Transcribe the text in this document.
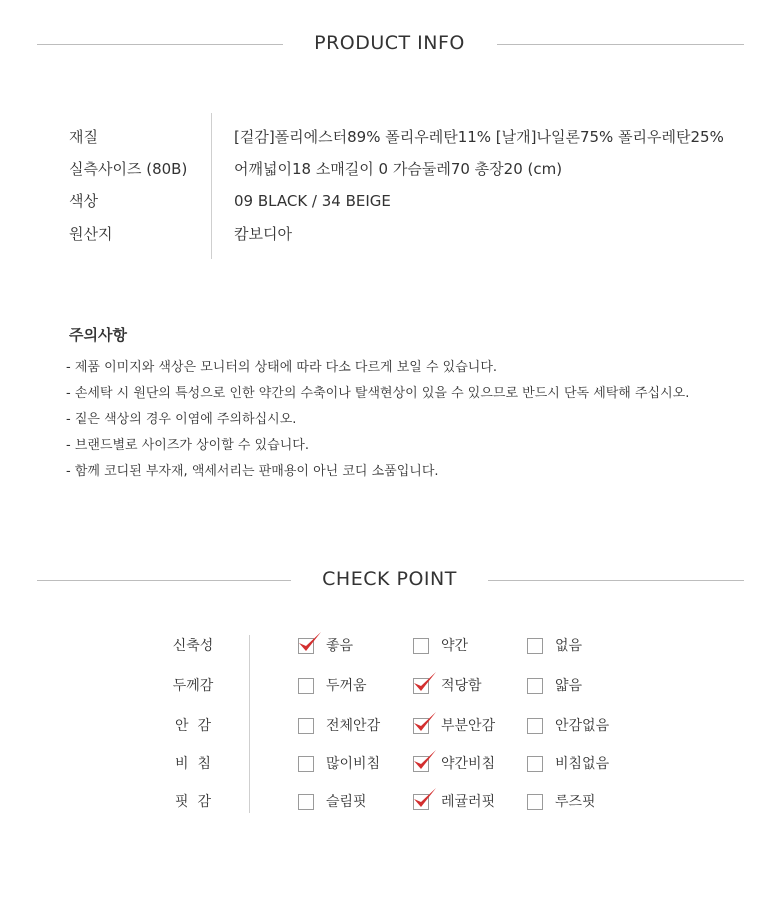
PRODUCT INFO
재질	[겉감]폴리에스터89% 폴리우레탄11% [날개]나일론75% 폴리우레탄25%
실측사이즈 (80B)	어깨넓이18 소매길이 0 가슴둘레70 총장20 (cm)
색상	09 BLACK / 34 BEIGE
원산지	캄보디아
주의사항
- 제품 이미지와 색상은 모니터의 상태에 따라 다소 다르게 보일 수 있습니다.
- 손세탁 시 원단의 특성으로 인한 약간의 수축이나 탈색현상이 있을 수 있으므로 반드시 단독 세탁해 주십시오.
- 짙은 색상의 경우 이염에 주의하십시오.
- 브랜드별로 사이즈가 상이할 수 있습니다.
- 함께 코디된 부자재, 액세서리는 판매용이 아닌 코디 소품입니다.
CHECK POINT
신축성	좋음	약간	없음
두께감	두꺼움	적당함	얇음
안  감	전체안감	부분안감	안감없음
비  침	많이비침	약간비침	비침없음
핏  감	슬림핏	레귤러핏	루즈핏
